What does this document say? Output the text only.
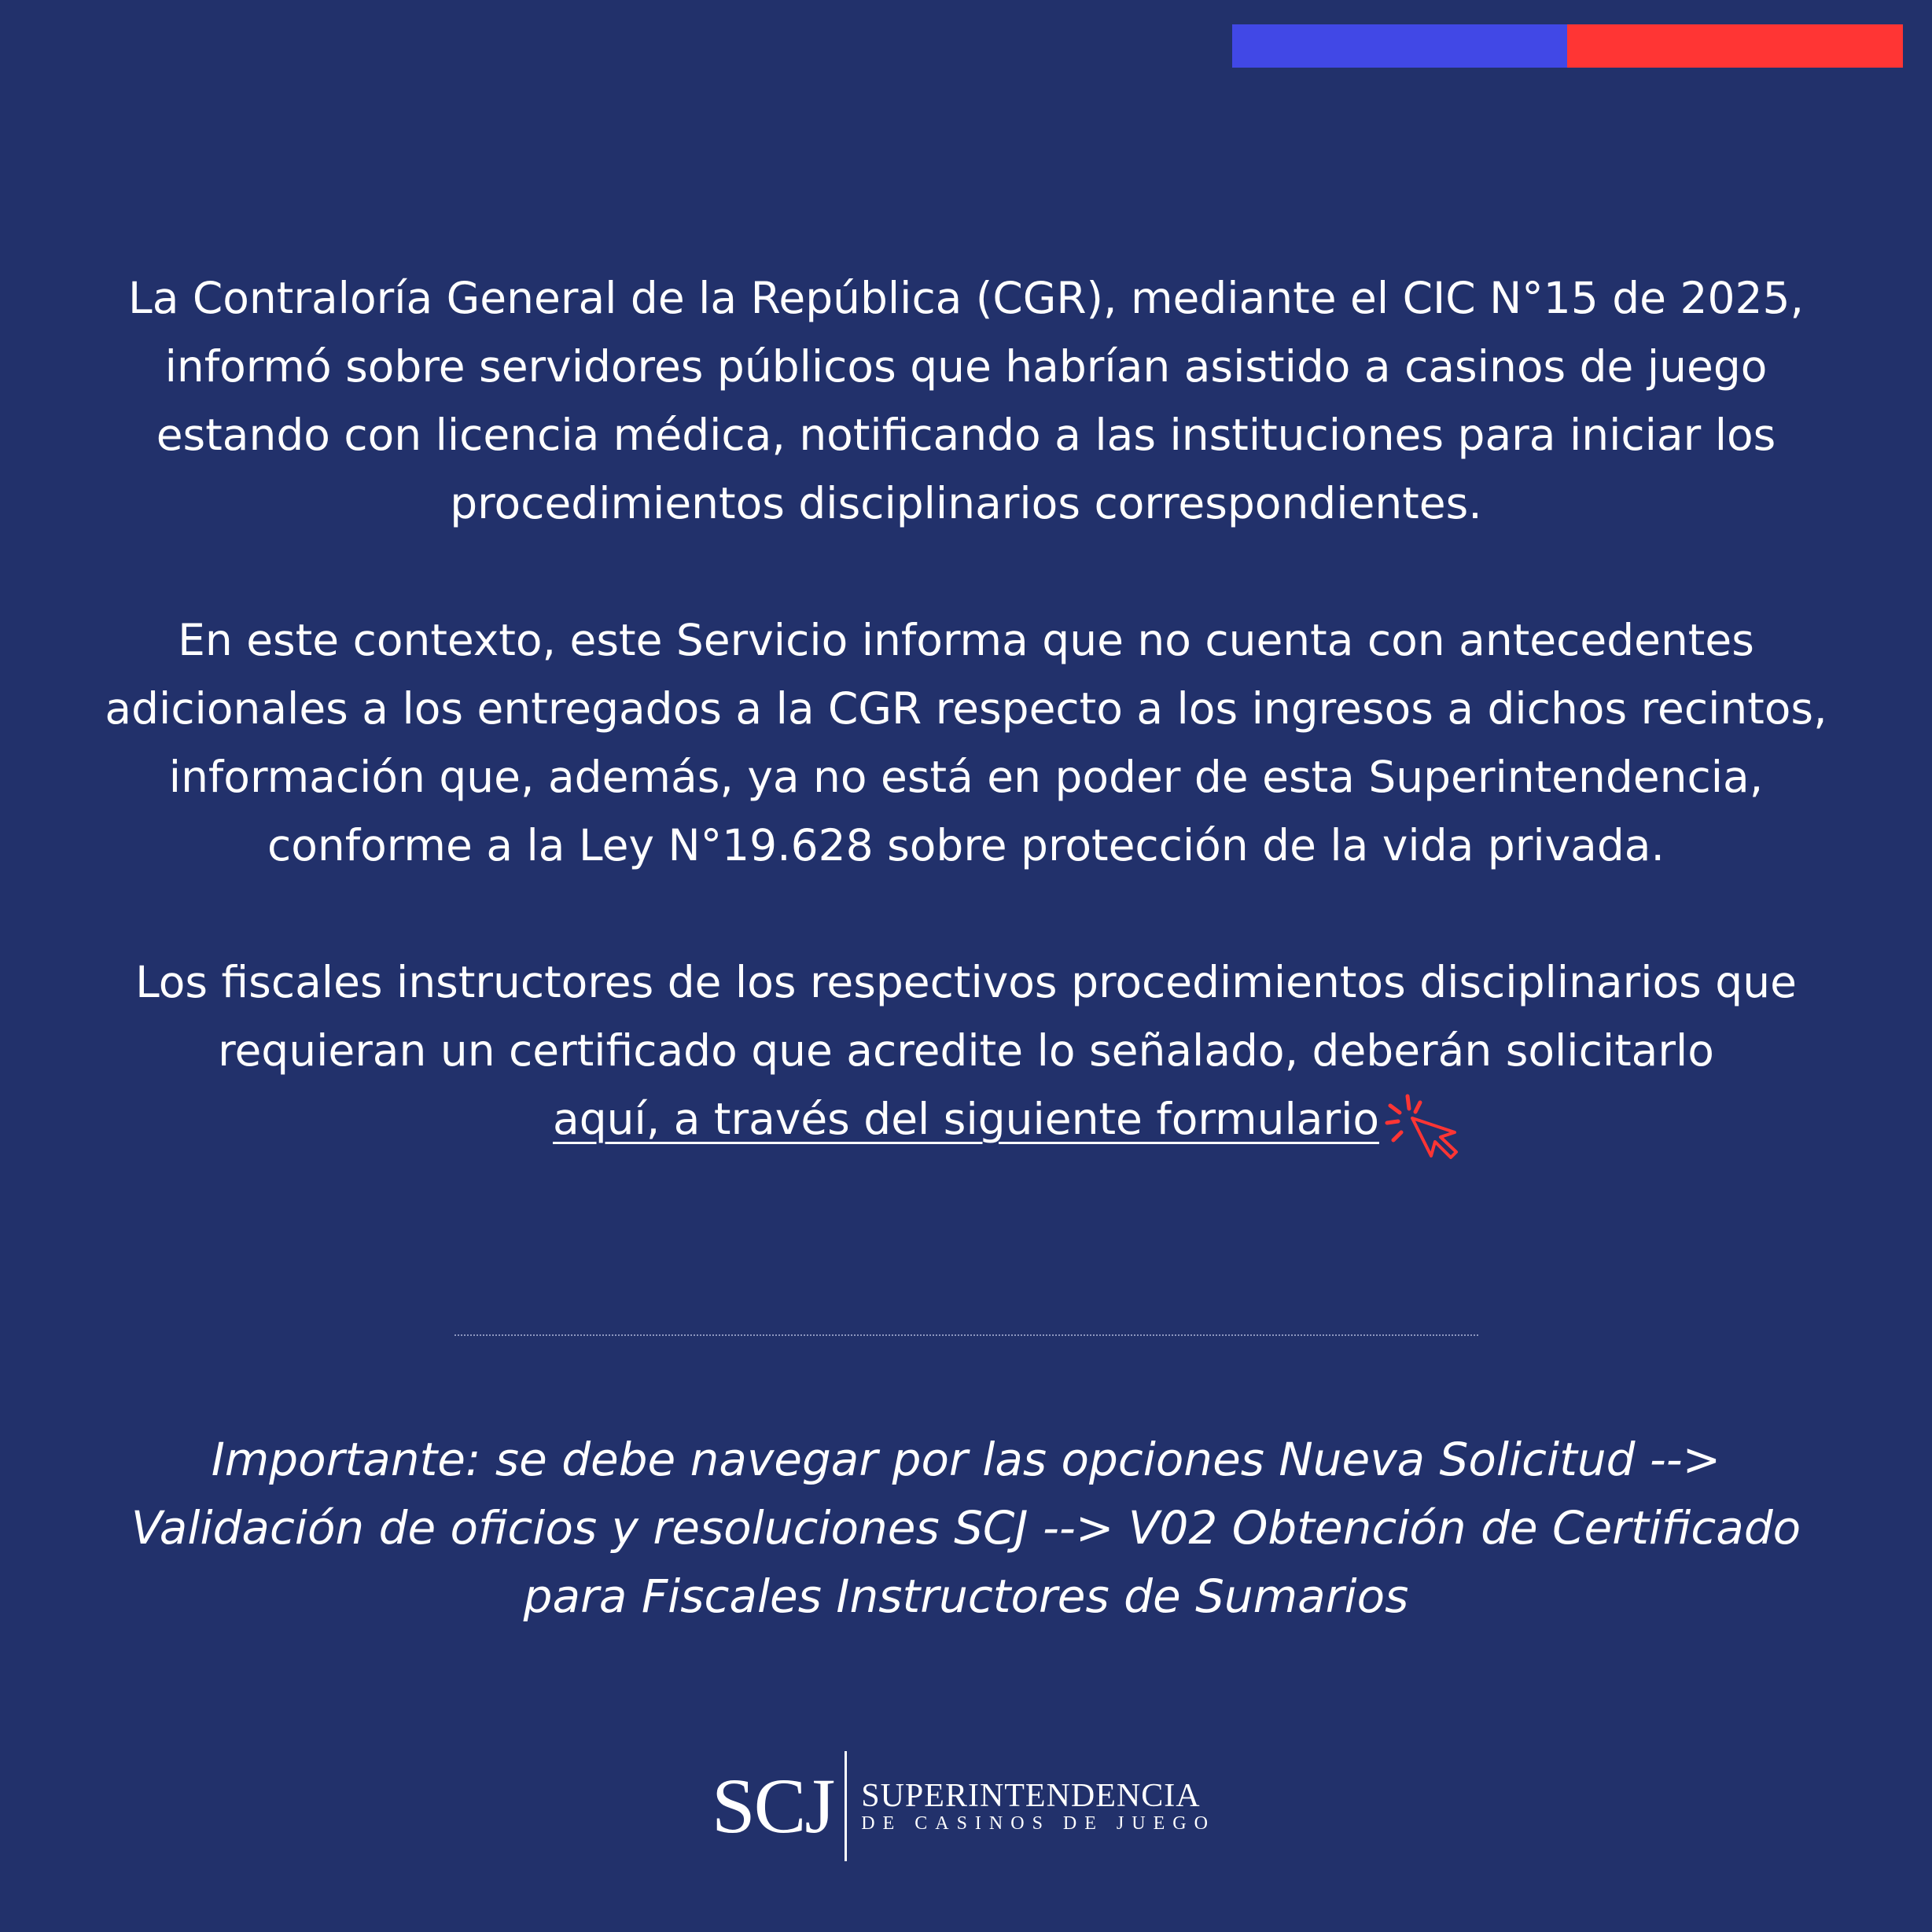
La Contraloría General de la República (CGR), mediante el CIC N°15 de 2025, informó sobre servidores públicos que habrían asistido a casinos de juego estando con licencia médica, notificando a las instituciones para iniciar los procedimientos disciplinarios correspondientes.

En este contexto, este Servicio informa que no cuenta con antecedentes adicionales a los entregados a la CGR respecto a los ingresos a dichos recintos, información que, además, ya no está en poder de esta Superintendencia, conforme a la Ley N°19.628 sobre protección de la vida privada.

Los fiscales instructores de los respectivos procedimientos disciplinarios que requieran un certificado que acredite lo señalado, deberán solicitarlo
aquí, a través del siguiente formulario

Importante: se debe navegar por las opciones Nueva Solicitud --> Validación de oficios y resoluciones SCJ --> V02 Obtención de Certificado para Fiscales Instructores de Sumarios

SCJ SUPERINTENDENCIA
DE CASINOS DE JUEGO
